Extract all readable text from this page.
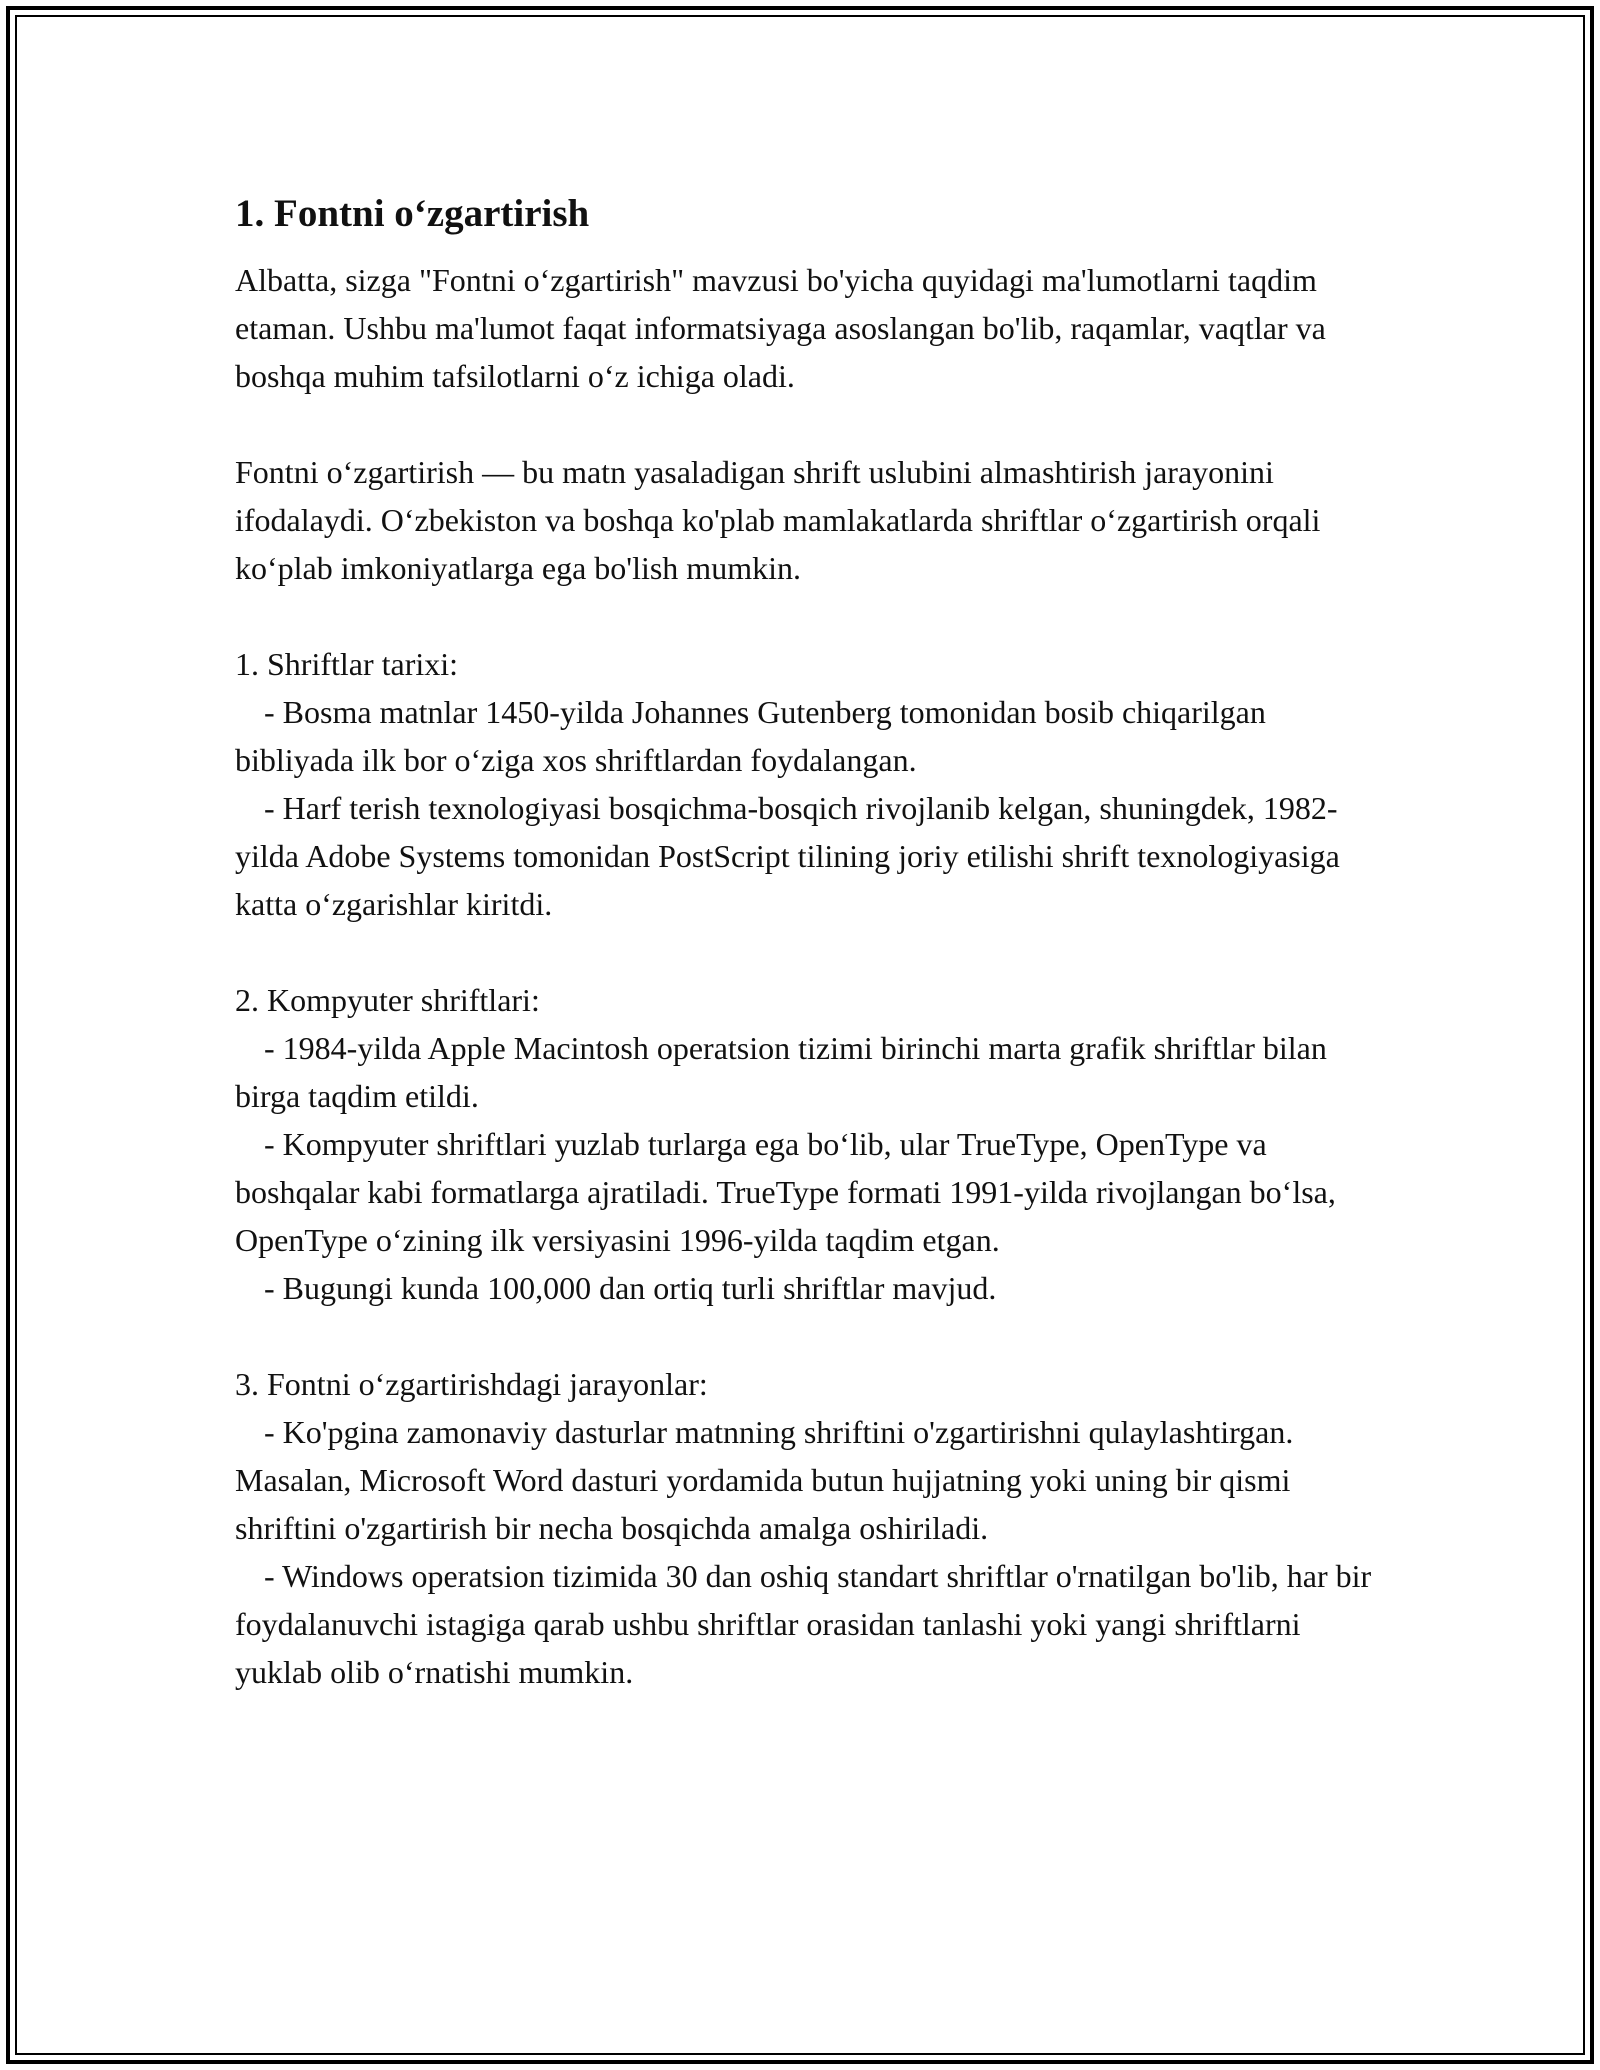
1. Fontni o‘zgartirish

Albatta, sizga "Fontni o‘zgartirish" mavzusi bo'yicha quyidagi ma'lumotlarni taqdim etaman. Ushbu ma'lumot faqat informatsiyaga asoslangan bo'lib, raqamlar, vaqtlar va boshqa muhim tafsilotlarni o‘z ichiga oladi.

Fontni o‘zgartirish — bu matn yasaladigan shrift uslubini almashtirish jarayonini ifodalaydi. O‘zbekiston va boshqa ko'plab mamlakatlarda shriftlar o‘zgartirish orqali ko‘plab imkoniyatlarga ega bo'lish mumkin.

1. Shriftlar tarixi:

- Bosma matnlar 1450-yilda Johannes Gutenberg tomonidan bosib chiqarilgan bibliyada ilk bor o‘ziga xos shriftlardan foydalangan.

- Harf terish texnologiyasi bosqichma-bosqich rivojlanib kelgan, shuningdek, 1982-yilda Adobe Systems tomonidan PostScript tilining joriy etilishi shrift texnologiyasiga katta o‘zgarishlar kiritdi.

2. Kompyuter shriftlari:

- 1984-yilda Apple Macintosh operatsion tizimi birinchi marta grafik shriftlar bilan birga taqdim etildi.

- Kompyuter shriftlari yuzlab turlarga ega bo‘lib, ular TrueType, OpenType va boshqalar kabi formatlarga ajratiladi. TrueType formati 1991-yilda rivojlangan bo‘lsa, OpenType o‘zining ilk versiyasini 1996-yilda taqdim etgan.

- Bugungi kunda 100,000 dan ortiq turli shriftlar mavjud.

3. Fontni o‘zgartirishdagi jarayonlar:

- Ko'pgina zamonaviy dasturlar matnning shriftini o'zgartirishni qulaylashtirgan. Masalan, Microsoft Word dasturi yordamida butun hujjatning yoki uning bir qismi shriftini o'zgartirish bir necha bosqichda amalga oshiriladi.

- Windows operatsion tizimida 30 dan oshiq standart shriftlar o'rnatilgan bo'lib, har bir foydalanuvchi istagiga qarab ushbu shriftlar orasidan tanlashi yoki yangi shriftlarni yuklab olib o‘rnatishi mumkin.
